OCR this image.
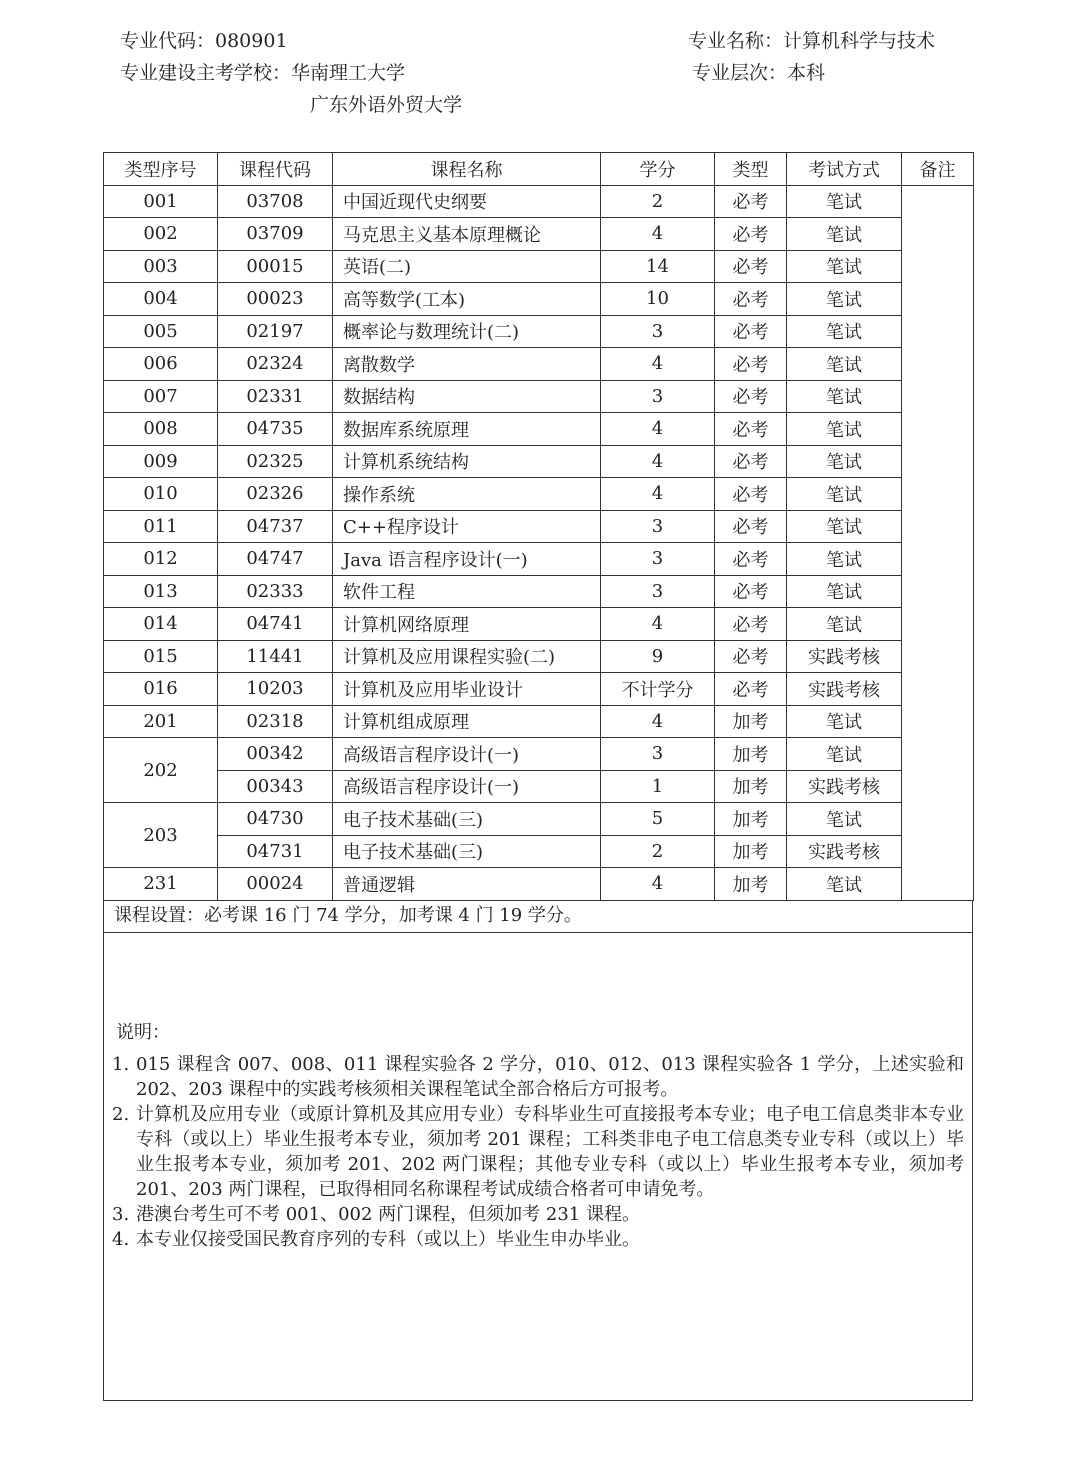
专业代码：080901	专业名称：计算机科学与技术
专业建设主考学校：华南理工大学	专业层次：本科
广东外语外贸大学
类型序号	课程代码	课程名称	学分	类型	考试方式	备注
001	03708	中国近现代史纲要	2	必考	笔试	
002	03709	马克思主义基本原理概论	4	必考	笔试	
003	00015	英语(二)	14	必考	笔试	
004	00023	高等数学(工本)	10	必考	笔试	
005	02197	概率论与数理统计(二)	3	必考	笔试	
006	02324	离散数学	4	必考	笔试	
007	02331	数据结构	3	必考	笔试	
008	04735	数据库系统原理	4	必考	笔试	
009	02325	计算机系统结构	4	必考	笔试	
010	02326	操作系统	4	必考	笔试	
011	04737	C++程序设计	3	必考	笔试	
012	04747	Java 语言程序设计(一)	3	必考	笔试	
013	02333	软件工程	3	必考	笔试	
014	04741	计算机网络原理	4	必考	笔试	
015	11441	计算机及应用课程实验(二)	9	必考	实践考核	
016	10203	计算机及应用毕业设计	不计学分	必考	实践考核	
201	02318	计算机组成原理	4	加考	笔试	
202	00342	高级语言程序设计(一)	3	加考	笔试	
	00343	高级语言程序设计(一)	1	加考	实践考核	
203	04730	电子技术基础(三)	5	加考	笔试	
	04731	电子技术基础(三)	2	加考	实践考核	
231	00024	普通逻辑	4	加考	笔试	
课程设置：必考课 16 门 74 学分，加考课 4 门 19 学分。
说明：
1. 015 课程含 007、008、011 课程实验各 2 学分，010、012、013 课程实验各 1 学分，上述实验和 202、203 课程中的实践考核须相关课程笔试全部合格后方可报考。
2. 计算机及应用专业（或原计算机及其应用专业）专科毕业生可直接报考本专业；电子电工信息类非本专业专科（或以上）毕业生报考本专业，须加考 201 课程；工科类非电子电工信息类专业专科（或以上）毕业生报考本专业，须加考 201、202 两门课程；其他专业专科（或以上）毕业生报考本专业，须加考 201、203 两门课程，已取得相同名称课程考试成绩合格者可申请免考。
3. 港澳台考生可不考 001、002 两门课程，但须加考 231 课程。
4. 本专业仅接受国民教育序列的专科（或以上）毕业生申办毕业。
